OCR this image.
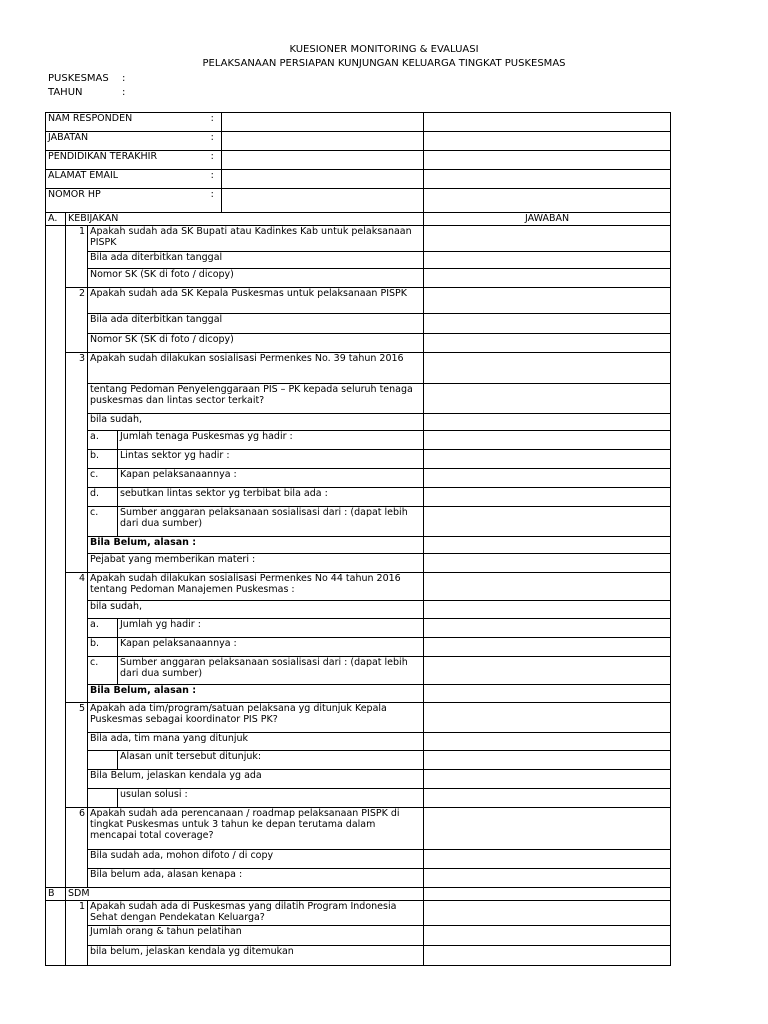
KUESIONER MONITORING & EVALUASI
PELAKSANAAN PERSIAPAN KUNJUNGAN KELUARGA TINGKAT PUSKESMAS
PUSKESMAS :
TAHUN	:
NAM RESPONDEN				:		
JABATAN				:		
PENDIDIKAN TERAKHIR				:		
ALAMAT EMAIL				:		
NOMOR HP				:		
A.	KEBIJAKAN					JAWABAN
	1	Apakah sudah ada SK Bupati atau Kadinkes Kab untuk pelaksanaan PISPK				
		Bila ada diterbitkan tanggal				
		Nomor SK (SK di foto / dicopy)				
	2	Apakah sudah ada SK Kepala Puskesmas untuk pelaksanaan PISPK				
		Bila ada diterbitkan tanggal				
		Nomor SK (SK di foto / dicopy)				
	3	Apakah sudah dilakukan sosialisasi Permenkes No. 39 tahun 2016				
		tentang Pedoman Penyelenggaraan PIS – PK kepada seluruh tenaga puskesmas dan lintas sector terkait?				
		bila sudah,				
		a.	Jumlah tenaga Puskesmas yg hadir :			
		b.	Lintas sektor yg hadir :			
		c.	Kapan pelaksanaannya :			
		d.	sebutkan lintas sektor yg terbibat bila ada :			
		c.	Sumber anggaran pelaksanaan sosialisasi dari : (dapat lebih dari dua sumber)			
		Bila Belum, alasan :				
		Pejabat yang memberikan materi :				
	4	Apakah sudah dilakukan sosialisasi Permenkes No 44 tahun 2016 tentang Pedoman Manajemen Puskesmas :				
		bila sudah,				
		a.	Jumlah yg hadir :			
		b.	Kapan pelaksanaannya :			
		c.	Sumber anggaran pelaksanaan sosialisasi dari : (dapat lebih dari dua sumber)			
		Bila Belum, alasan :				
	5	Apakah ada tim/program/satuan pelaksana yg ditunjuk Kepala Puskesmas sebagai koordinator PIS PK?				
		Bila ada, tim mana yang ditunjuk				
			Alasan unit tersebut ditunjuk:			
		Bila Belum, jelaskan kendala yg ada				
			usulan solusi :			
	6	Apakah sudah ada perencanaan / roadmap pelaksanaan PISPK di tingkat Puskesmas untuk 3 tahun ke depan terutama dalam mencapai total coverage?				
		Bila sudah ada, mohon difoto / di copy				
		Bila belum ada, alasan kenapa :				
B	SDM					
	1	Apakah sudah ada di Puskesmas yang dilatih Program Indonesia Sehat dengan Pendekatan Keluarga?				
		Jumlah orang & tahun pelatihan				
		bila belum, jelaskan kendala yg ditemukan				
